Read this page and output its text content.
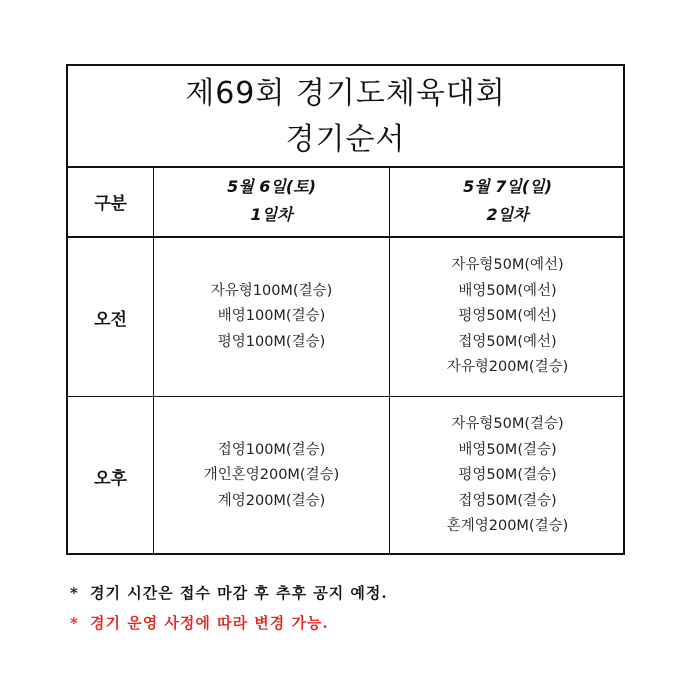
제69회 경기도체육대회
경기순서
구분
5월 6일(토)
1일차
5월 7일(일)
2일차
오전
자유형100M(결승)
배영100M(결승)
평영100M(결승)
자유형50M(예선)
배영50M(예선)
평영50M(예선)
접영50M(예선)
자유형200M(결승)
오후
접영100M(결승)
개인혼영200M(결승)
계영200M(결승)
자유형50M(결승)
배영50M(결승)
평영50M(결승)
접영50M(결승)
혼계영200M(결승)
* 경기 시간은 접수 마감 후 추후 공지 예정.
* 경기 운영 사정에 따라 변경 가능.
